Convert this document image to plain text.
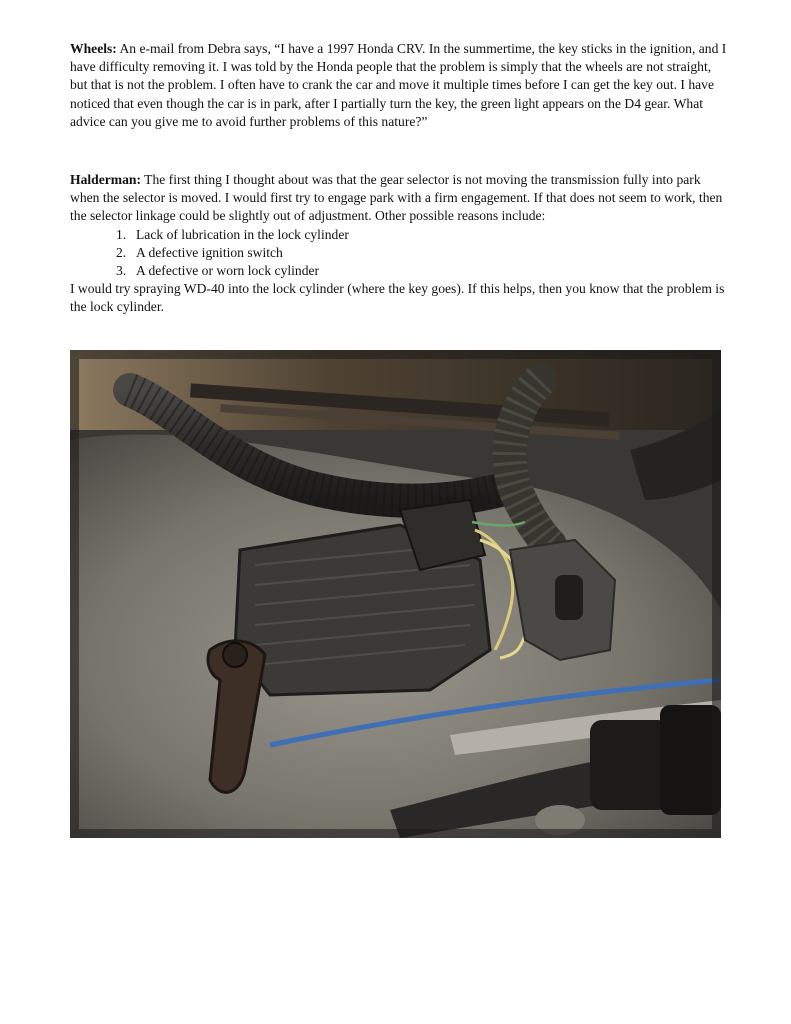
Wheels: An e-mail from Debra says, “I have a 1997 Honda CRV. In the summertime, the key sticks in the ignition, and I have difficulty removing it. I was told by the Honda people that the problem is simply that the wheels are not straight, but that is not the problem. I often have to crank the car and move it multiple times before I can get the key out. I have noticed that even though the car is in park, after I partially turn the key, the green light appears on the D4 gear. What advice can you give me to avoid further problems of this nature?”

Halderman: The first thing I thought about was that the gear selector is not moving the transmission fully into park when the selector is moved. I would first try to engage park with a firm engagement. If that does not seem to work, then the selector linkage could be slightly out of adjustment. Other possible reasons include:

1. Lack of lubrication in the lock cylinder
2. A defective ignition switch
3. A defective or worn lock cylinder

I would try spraying WD-40 into the lock cylinder (where the key goes). If this helps, then you know that the problem is the lock cylinder.
